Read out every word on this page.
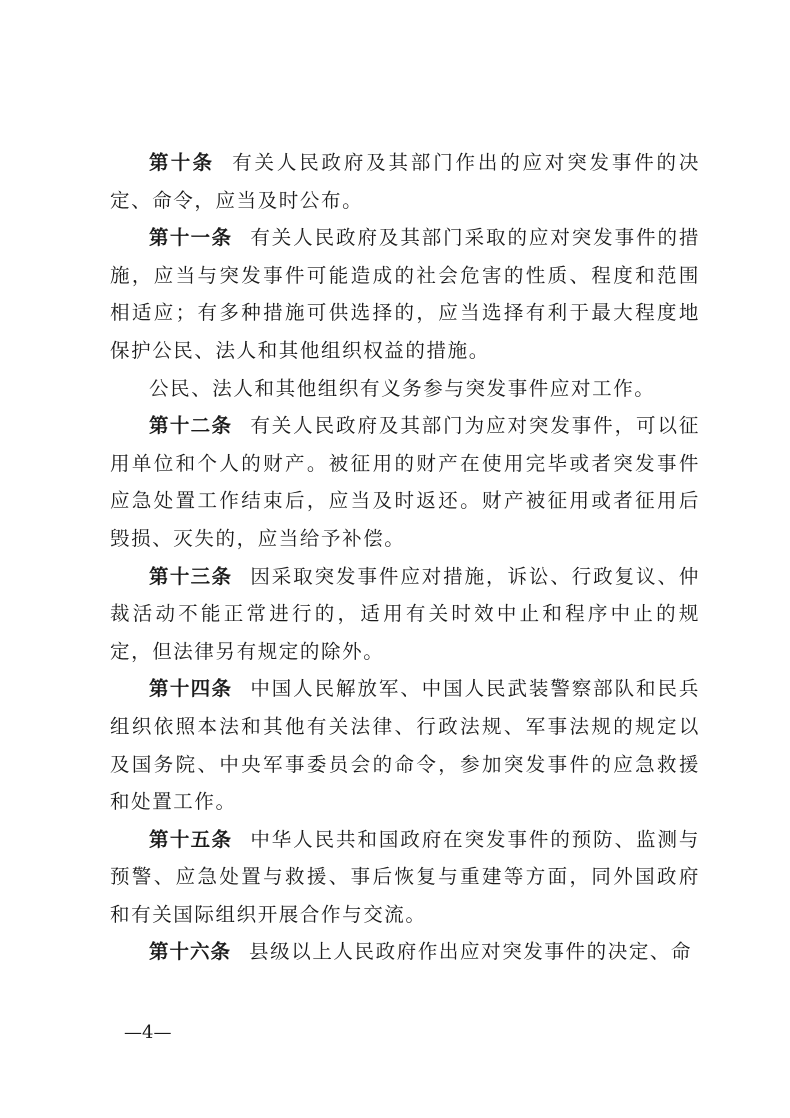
第十条 有关人民政府及其部门作出的应对突发事件的决定、命令，应当及时公布。

第十一条 有关人民政府及其部门采取的应对突发事件的措施，应当与突发事件可能造成的社会危害的性质、程度和范围相适应；有多种措施可供选择的，应当选择有利于最大程度地保护公民、法人和其他组织权益的措施。

公民、法人和其他组织有义务参与突发事件应对工作。

第十二条 有关人民政府及其部门为应对突发事件，可以征用单位和个人的财产。被征用的财产在使用完毕或者突发事件应急处置工作结束后，应当及时返还。财产被征用或者征用后毁损、灭失的，应当给予补偿。

第十三条 因采取突发事件应对措施，诉讼、行政复议、仲裁活动不能正常进行的，适用有关时效中止和程序中止的规定，但法律另有规定的除外。

第十四条 中国人民解放军、中国人民武装警察部队和民兵组织依照本法和其他有关法律、行政法规、军事法规的规定以及国务院、中央军事委员会的命令，参加突发事件的应急救援和处置工作。

第十五条 中华人民共和国政府在突发事件的预防、监测与预警、应急处置与救援、事后恢复与重建等方面，同外国政府和有关国际组织开展合作与交流。

第十六条 县级以上人民政府作出应对突发事件的决定、命

—4—
